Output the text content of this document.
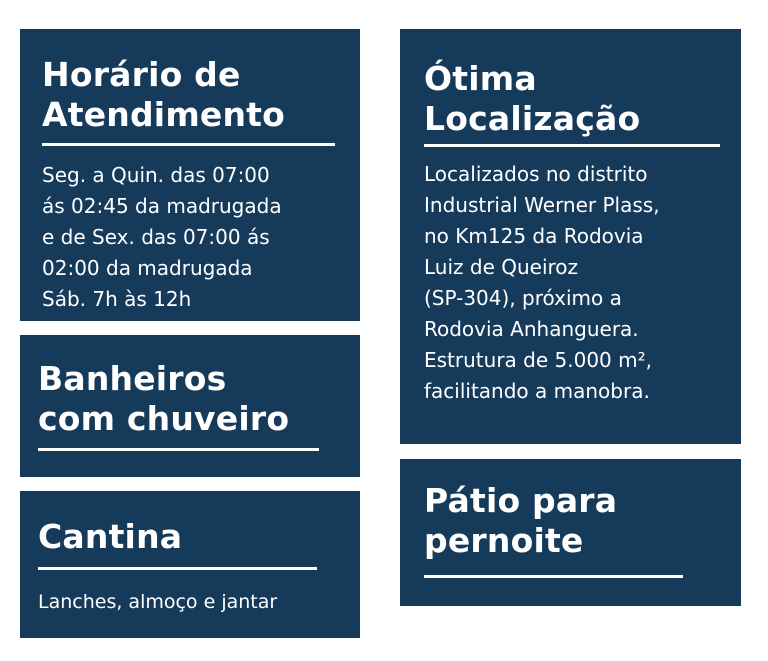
Horário de
Atendimento

Seg. a Quin. das 07:00
ás 02:45 da madrugada
e de Sex. das 07:00 ás
02:00 da madrugada
Sáb. 7h às 12h

Banheiros
com chuveiro
Cantina

Lanches, almoço e jantar

Ótima
Localização

Localizados no distrito
Industrial Werner Plass,
no Km125 da Rodovia
Luiz de Queiroz
(SP-304), próximo a
Rodovia Anhanguera.
Estrutura de 5.000 m²,
facilitando a manobra.

Pátio para
pernoite
